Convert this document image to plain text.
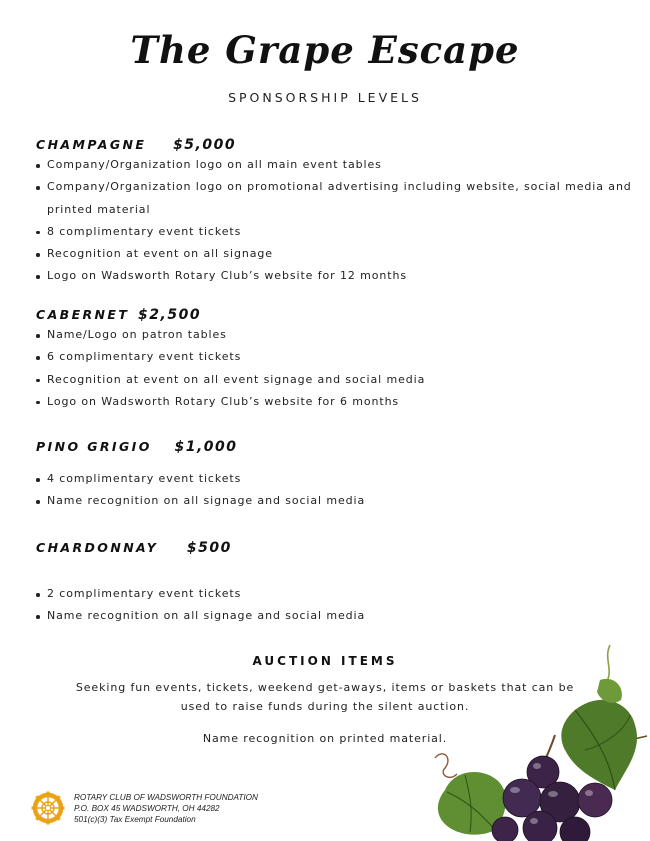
The Grape Escape
SPONSORSHIP LEVELS
CHAMPAGNE $5,000
Company/Organization logo on all main event tables
Company/Organization logo on promotional advertising including website, social media and printed material
8 complimentary event tickets
Recognition at event on all signage
Logo on Wadsworth Rotary Club’s website for 12 months
CABERNET $2,500
Name/Logo on patron tables
6 complimentary event tickets
Recognition at event on all event signage and social media
Logo on Wadsworth Rotary Club’s website for 6 months
PINO GRIGIO $1,000
4 complimentary event tickets
Name recognition on all signage and social media
CHARDONNAY $500
2 complimentary event tickets
Name recognition on all signage and social media
AUCTION ITEMS
Seeking fun events, tickets, weekend get-aways, items or baskets that can be used to raise funds during the silent auction.
Name recognition on printed material.
ROTARY CLUB OF WADSWORTH FOUNDATION
P.O. BOX 45 WADSWORTH, OH 44282
501(c)(3) Tax Exempt Foundation
